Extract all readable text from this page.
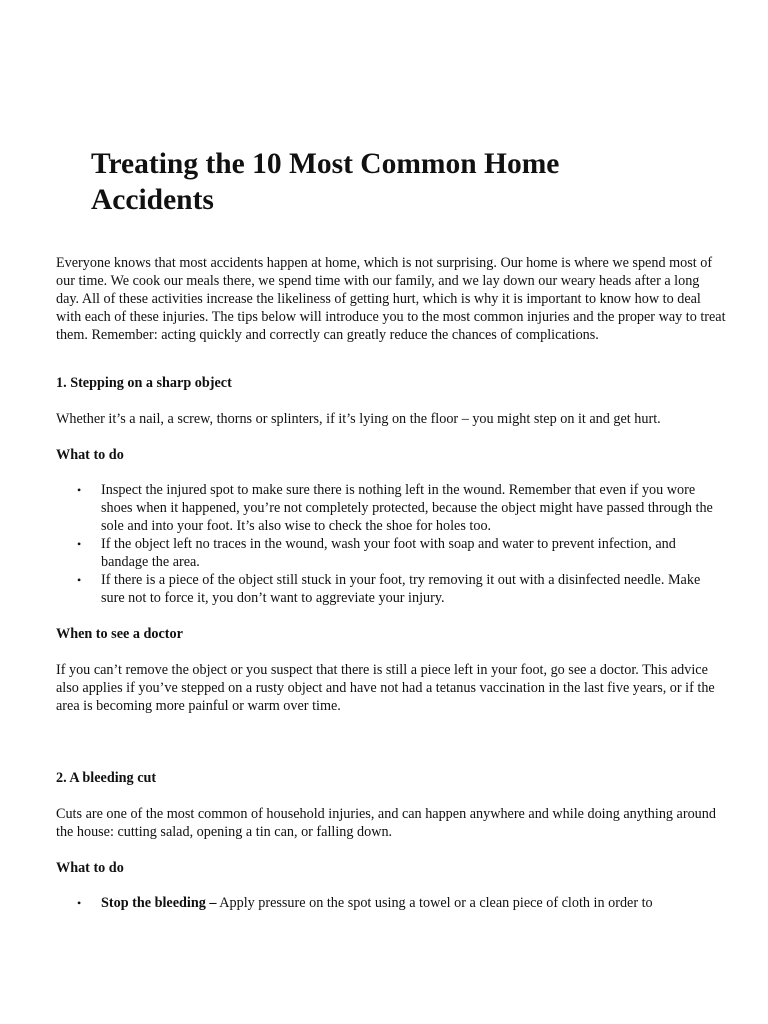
Treating the 10 Most Common Home Accidents

Everyone knows that most accidents happen at home, which is not surprising. Our home is where we spend most of our time. We cook our meals there, we spend time with our family, and we lay down our weary heads after a long day. All of these activities increase the likeliness of getting hurt, which is why it is important to know how to deal with each of these injuries. The tips below will introduce you to the most common injuries and the proper way to treat them. Remember: acting quickly and correctly can greatly reduce the chances of complications.

1. Stepping on a sharp object

Whether it’s a nail, a screw, thorns or splinters, if it’s lying on the floor – you might step on it and get hurt.

What to do

• Inspect the injured spot to make sure there is nothing left in the wound. Remember that even if you wore shoes when it happened, you’re not completely protected, because the object might have passed through the sole and into your foot. It’s also wise to check the shoe for holes too.
• If the object left no traces in the wound, wash your foot with soap and water to prevent infection, and bandage the area.
• If there is a piece of the object still stuck in your foot, try removing it out with a disinfected needle. Make sure not to force it, you don’t want to aggreviate your injury.

When to see a doctor

If you can’t remove the object or you suspect that there is still a piece left in your foot, go see a doctor. This advice also applies if you’ve stepped on a rusty object and have not had a tetanus vaccination in the last five years, or if the area is becoming more painful or warm over time.

2. A bleeding cut

Cuts are one of the most common of household injuries, and can happen anywhere and while doing anything around the house: cutting salad, opening a tin can, or falling down.

What to do

• Stop the bleeding – Apply pressure on the spot using a towel or a clean piece of cloth in order to
